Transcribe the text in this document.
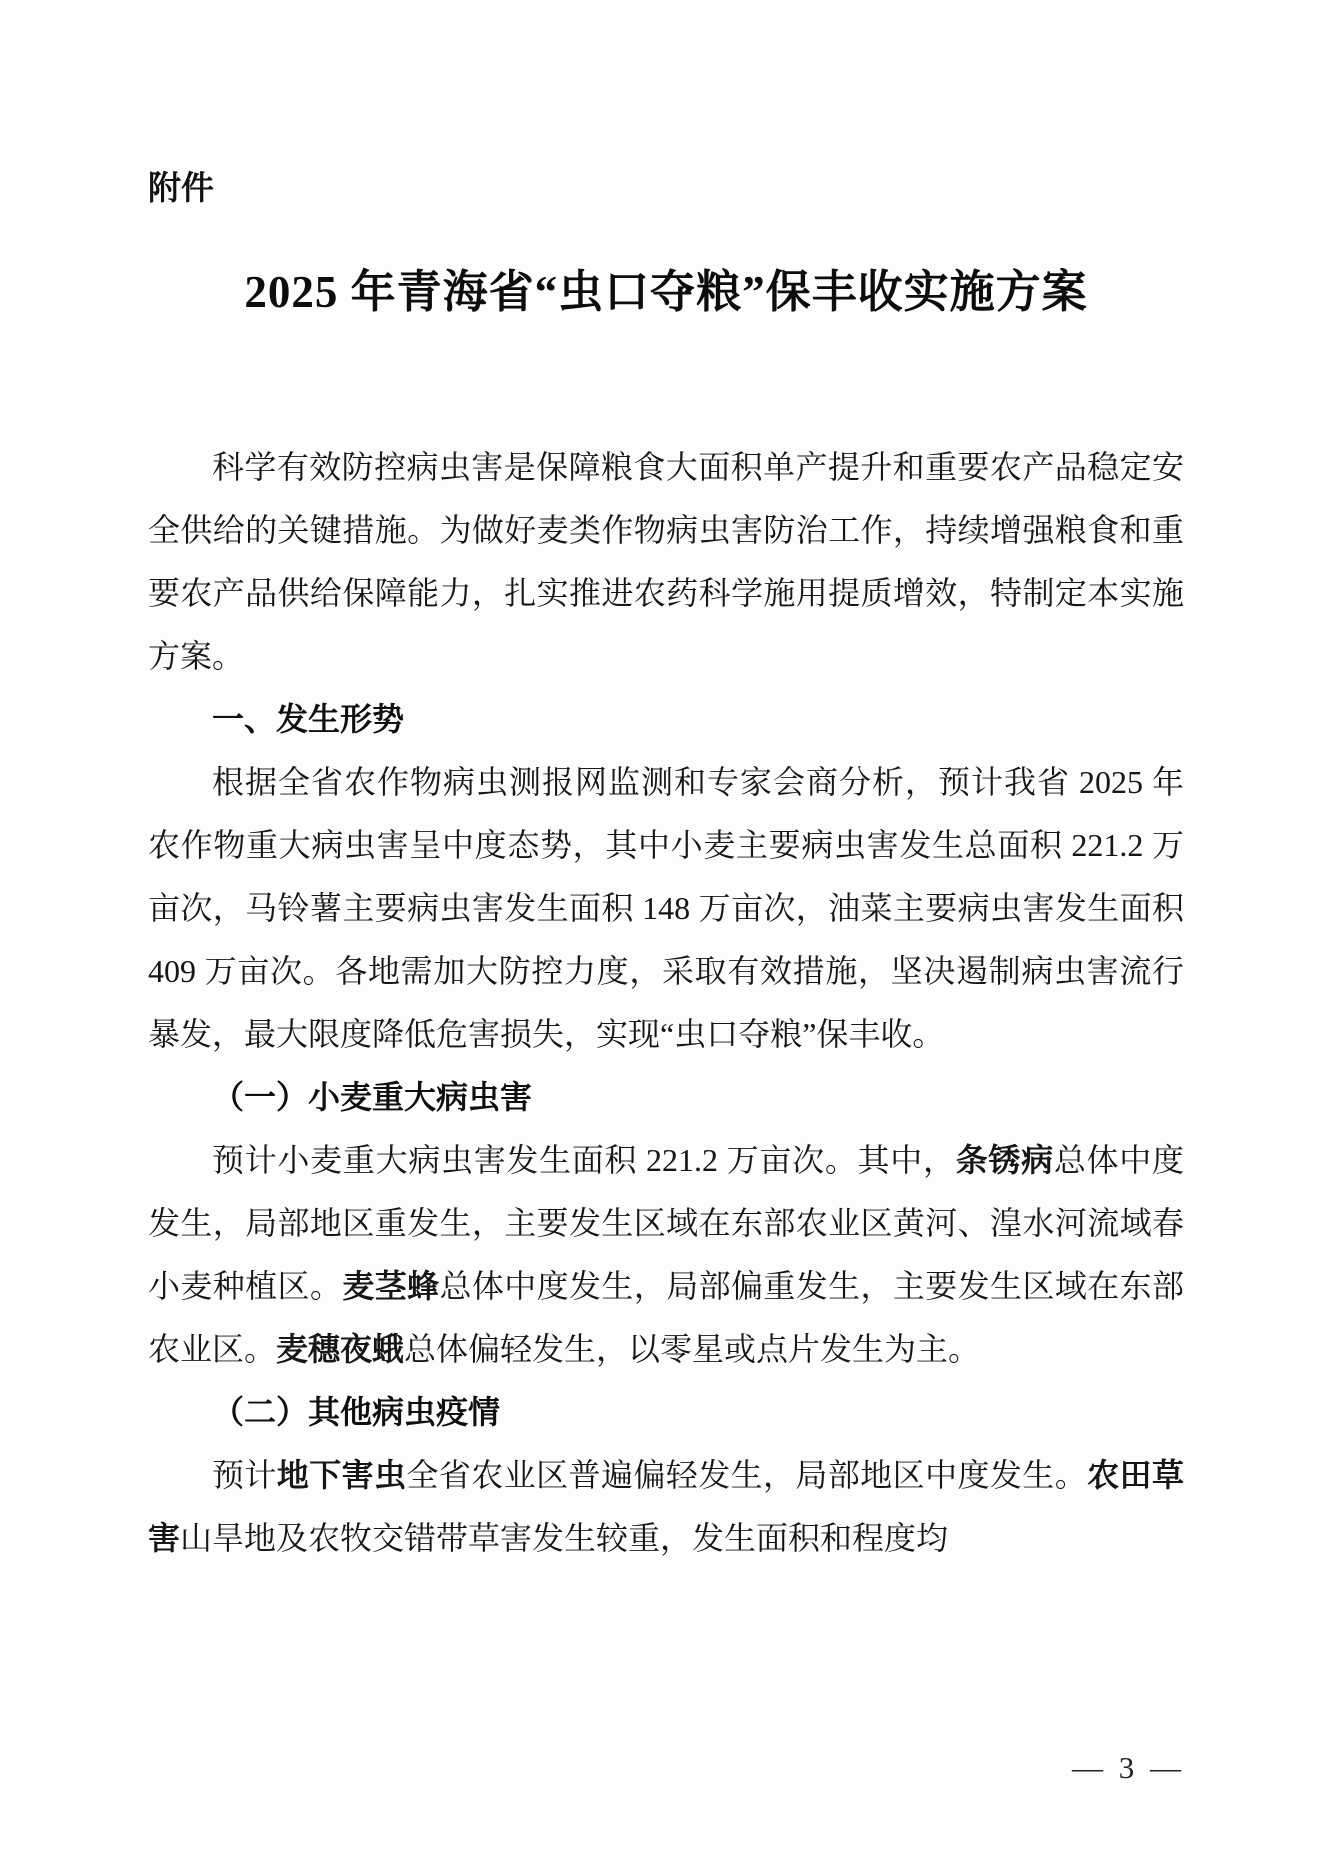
附件
2025 年青海省“虫口夺粮”保丰收实施方案

科学有效防控病虫害是保障粮食大面积单产提升和重要农产品稳定安全供给的关键措施。为做好麦类作物病虫害防治工作，持续增强粮食和重要农产品供给保障能力，扎实推进农药科学施用提质增效，特制定本实施方案。

一、发生形势

根据全省农作物病虫测报网监测和专家会商分析，预计我省 2025 年农作物重大病虫害呈中度态势，其中小麦主要病虫害发生总面积 221.2 万亩次，马铃薯主要病虫害发生面积 148 万亩次，油菜主要病虫害发生面积 409 万亩次。各地需加大防控力度，采取有效措施，坚决遏制病虫害流行暴发，最大限度降低危害损失，实现“虫口夺粮”保丰收。

（一）小麦重大病虫害

预计小麦重大病虫害发生面积 221.2 万亩次。其中，条锈病总体中度发生，局部地区重发生，主要发生区域在东部农业区黄河、湟水河流域春小麦种植区。麦茎蜂总体中度发生，局部偏重发生，主要发生区域在东部农业区。麦穗夜蛾总体偏轻发生，以零星或点片发生为主。

（二）其他病虫疫情

预计地下害虫全省农业区普遍偏轻发生，局部地区中度发生。农田草害山旱地及农牧交错带草害发生较重，发生面积和程度均

— 3 —
